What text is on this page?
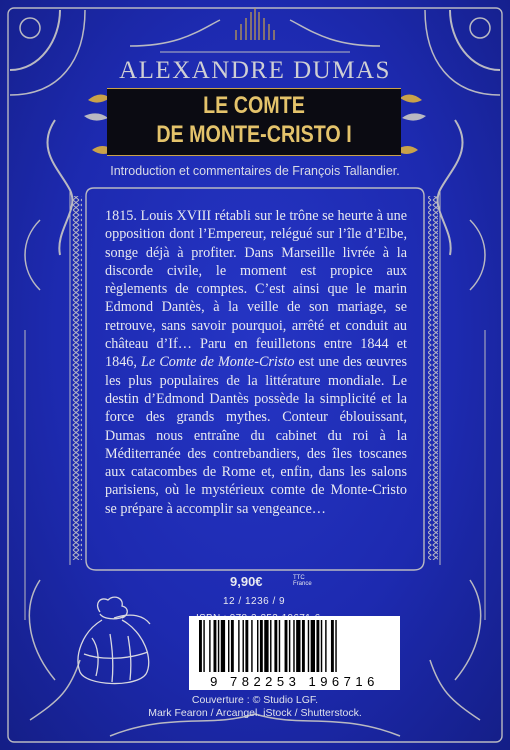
ALEXANDRE DUMAS
LE COMTE
DE MONTE-CRISTO I
Introduction et commentaires de François Tallandier.

1815. Louis XVIII rétabli sur le trône se heurte à une opposition dont l’Empereur, relégué sur l’île d’Elbe, songe déjà à profiter. Dans Marseille livrée à la discorde civile, le moment est propice aux règlements de comptes. C’est ainsi que le marin Edmond Dantès, à la veille de son mariage, se retrouve, sans savoir pourquoi, arrêté et conduit au château d’If… Paru en feuilletons entre 1844 et 1846, Le Comte de Monte-Cristo est une des œuvres les plus populaires de la littérature mondiale. Le destin d’Edmond Dantès possède la simplicité et la force des grands mythes. Conteur éblouissant, Dumas nous entraîne du cabinet du roi à la Méditerranée des contrebandiers, des îles toscanes aux catacombes de Rome et, enfin, dans les salons parisiens, où le mystérieux comte de Monte-Cristo se prépare à accomplir sa vengeance…

9,90€	TTC
France
12 / 1236 / 9
9 782253 196716
Couverture : © Studio LGF.
Mark Fearon / Arcangel. iStock / Shutterstock.
